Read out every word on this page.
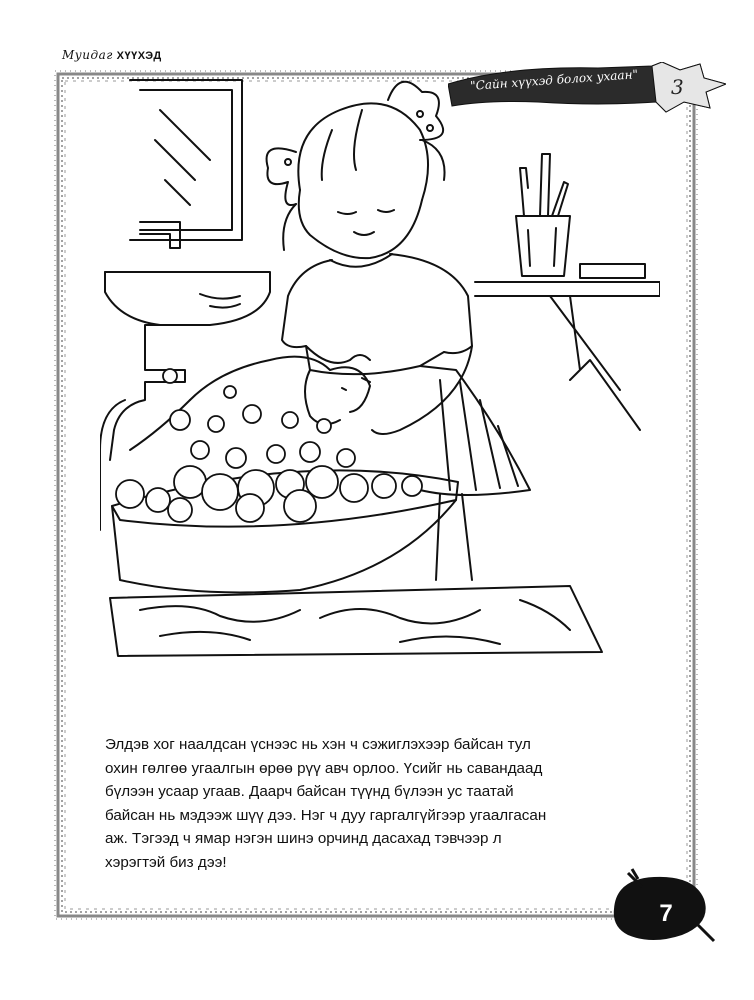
Муидаг ХҮҮХЭД
"Сайн хүүхэд болох ухаан" 3
Элдэв хог наалдсан үснээс нь хэн ч сэжиглэхээр байсан тул
охин гөлгөө угаалгын өрөө рүү авч орлоо. Үсийг нь савандаад
бүлээн усаар угаав. Даарч байсан түүнд бүлээн ус таатай
байсан нь мэдээж шүү дээ. Нэг ч дуу гаргалгүйгээр угаалгасан
аж. Тэгээд ч ямар нэгэн шинэ орчинд дасахад тэвчээр л
хэрэгтэй биз дээ!
7
